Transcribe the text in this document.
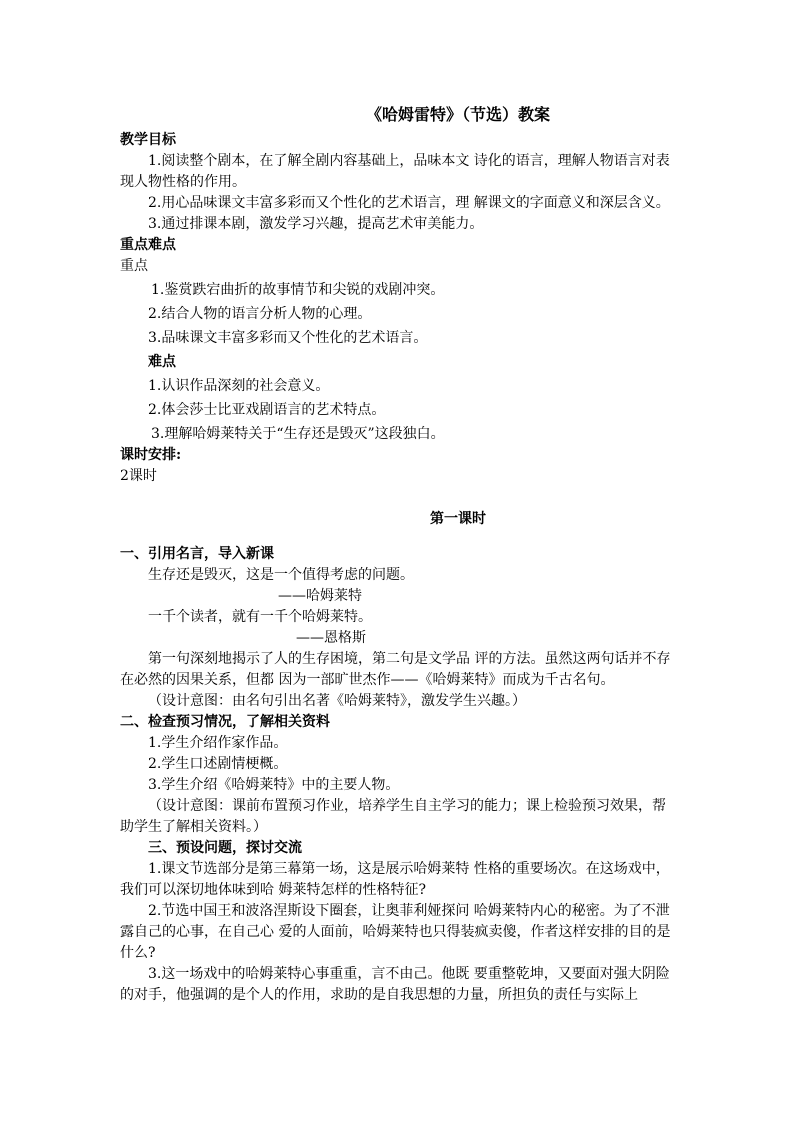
《哈姆雷特》（节选）教案

教学目标

1.阅读整个剧本，在了解全剧内容基础上，品味本文 诗化的语言，理解人物语言对表现人物性格的作用。

2.用心品味课文丰富多彩而又个性化的艺术语言，理 解课文的字面意义和深层含义。

3.通过排课本剧，激发学习兴趣，提高艺术审美能力。

重点难点

重点

1.鉴赏跌宕曲折的故事情节和尖锐的戏剧冲突。

2.结合人物的语言分析人物的心理。

3.品味课文丰富多彩而又个性化的艺术语言。

难点

1.认识作品深刻的社会意义。

2.体会莎士比亚戏剧语言的艺术特点。

3.理解哈姆莱特关于“生存还是毁灭”这段独白。

课时安排:

2课时

第一课时

一、引用名言，导入新课

生存还是毁灭，这是一个值得考虑的问题。

——哈姆莱特

一千个读者，就有一千个哈姆莱特。

——恩格斯

第一句深刻地揭示了人的生存困境，第二句是文学品 评的方法。虽然这两句话并不存在必然的因果关系，但都 因为一部旷世杰作——《哈姆莱特》而成为千古名句。

（设计意图：由名句引出名著《哈姆莱特》，激发学生兴趣。）

二、检查预习情况，了解相关资料

1.学生介绍作家作品。

2.学生口述剧情梗概。

3.学生介绍《哈姆莱特》中的主要人物。

（设计意图：课前布置预习作业，培养学生自主学习的能力；课上检验预习效果，帮助学生了解相关资料。）

三、预设问题，探讨交流

1.课文节选部分是第三幕第一场，这是展示哈姆莱特 性格的重要场次。在这场戏中，我们可以深切地体味到哈 姆莱特怎样的性格特征?

2.节选中国王和波洛涅斯设下圈套，让奥菲利娅探问 哈姆莱特内心的秘密。为了不泄露自己的心事，在自己心 爱的人面前，哈姆莱特也只得装疯卖傻，作者这样安排的目的是什么?

3.这一场戏中的哈姆莱特心事重重，言不由己。他既 要重整乾坤，又要面对强大阴险的对手，他强调的是个人的作用，求助的是自我思想的力量，所担负的责任与实际上
